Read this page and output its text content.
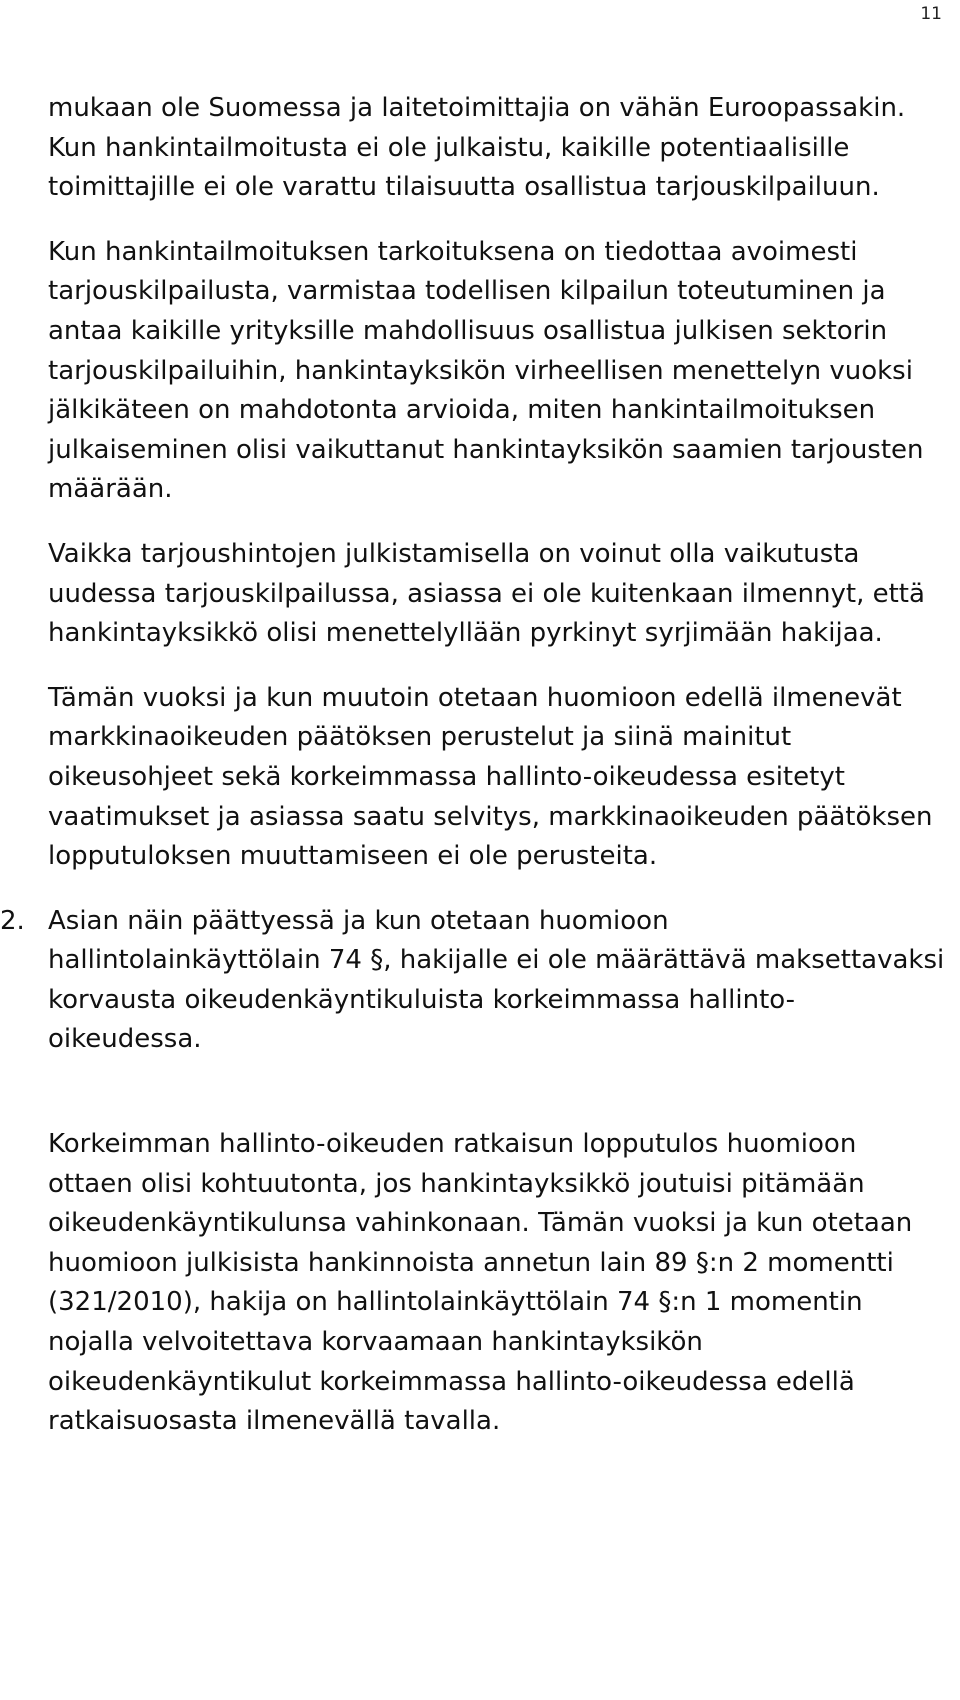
11

mukaan ole Suomessa ja laitetoimittajia on vähän Euroopassakin. Kun hankintailmoitusta ei ole julkaistu, kaikille potentiaalisille toimittajille ei ole varattu tilaisuutta osallistua tarjouskilpailuun.

Kun hankintailmoituksen tarkoituksena on tiedottaa avoimesti tarjouskilpailusta, varmistaa todellisen kilpailun toteutuminen ja antaa kaikille yrityksille mahdollisuus osallistua julkisen sektorin tarjouskilpailuihin, hankintayksikön virheellisen menettelyn vuoksi jälkikäteen on mahdotonta arvioida, miten hankintailmoituksen julkaiseminen olisi vaikuttanut hankintayksikön saamien tarjousten määrään.

Vaikka tarjoushintojen julkistamisella on voinut olla vaikutusta uudessa tarjouskilpailussa, asiassa ei ole kuitenkaan ilmennyt, että hankintayksikkö olisi menettelyllään pyrkinyt syrjimään hakijaa.

Tämän vuoksi ja kun muutoin otetaan huomioon edellä ilmenevät markkinaoikeuden päätöksen perustelut ja siinä mainitut oikeusohjeet sekä korkeimmassa hallinto-oikeudessa esitetyt vaatimukset ja asiassa saatu selvitys, markkinaoikeuden päätöksen lopputuloksen muuttamiseen ei ole perusteita.

2. Asian näin päättyessä ja kun otetaan huomioon hallintolainkäyttölain 74 §, hakijalle ei ole määrättävä maksettavaksi korvausta oikeudenkäyntikuluista korkeimmassa hallinto-oikeudessa.

Korkeimman hallinto-oikeuden ratkaisun lopputulos huomioon ottaen olisi kohtuutonta, jos hankintayksikkö joutuisi pitämään oikeudenkäyntikulunsa vahinkonaan. Tämän vuoksi ja kun otetaan huomioon julkisista hankinnoista annetun lain 89 §:n 2 momentti (321/2010), hakija on hallintolainkäyttölain 74 §:n 1 momentin nojalla velvoitettava korvaamaan hankintayksikön oikeudenkäyntikulut korkeimmassa hallinto-oikeudessa edellä ratkaisuosasta ilmenevällä tavalla.
